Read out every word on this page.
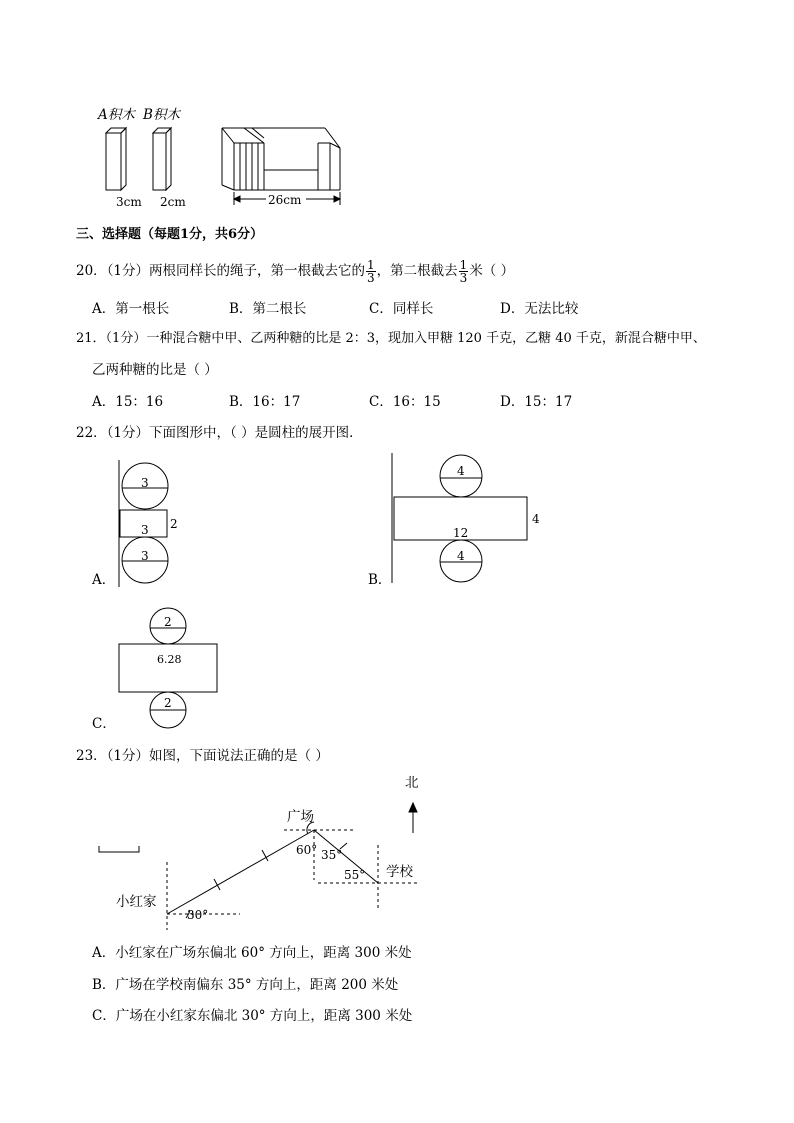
A积木 B积木
3cm 2cm	26cm
三、选择题（每题1分，共6分）
20．（1分）两根同样长的绳子，第一根截去它的 $\frac{1}{3}$ ，第二根截去 $\frac{1}{3}$ 米（ ）
A．第一根长	B．第二根长	C．同样长	D．无法比较
21．（1分）一种混合糖中甲、乙两种糖的比是 2：3，现加入甲糖 120 千克，乙糖 40 千克，新混合糖中甲、
乙两种糖的比是（ ）
A．15：16	B．16：17	C．16：15	D．15：17
22．（1分）下面图形中，（ ）是圆柱的展开图．
3
3 2
3
A．
4
12
4
4
B．
2
6.28
2
C．
23．（1分）如图，下面说法正确的是（ ）
北
广场
学校
小红家
60° 35°
55°
30°
A．小红家在广场东偏北 60° 方向上，距离 300 米处
B．广场在学校南偏东 35° 方向上，距离 200 米处
C．广场在小红家东偏北 30° 方向上，距离 300 米处
